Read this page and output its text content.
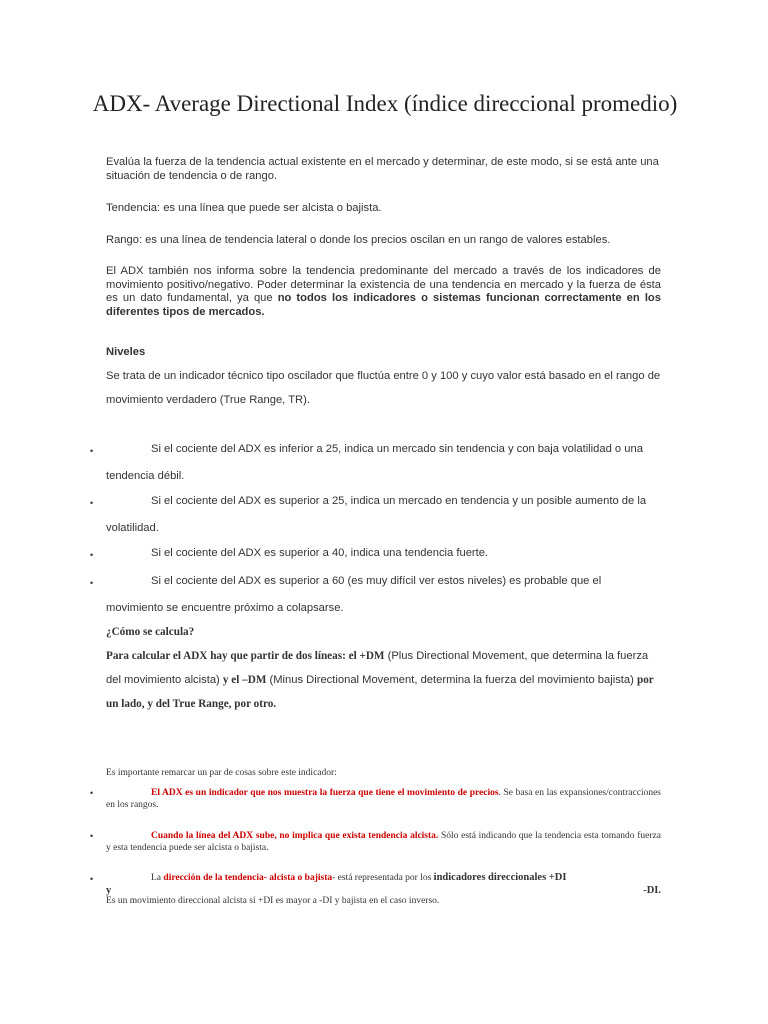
ADX- Average Directional Index (índice direccional promedio)

Evalúa la fuerza de la tendencia actual existente en el mercado y determinar, de este modo, si se está ante una situación de tendencia o de rango.

Tendencia: es una línea que puede ser alcista o bajista.

Rango: es una línea de tendencia lateral o donde los precios oscilan en un rango de valores estables.

El ADX también nos informa sobre la tendencia predominante del mercado a través de los indicadores de movimiento positivo/negativo. Poder determinar la existencia de una tendencia en mercado y la fuerza de ésta es un dato fundamental, ya que no todos los indicadores o sistemas funcionan correctamente en los diferentes tipos de mercados.

Niveles

Se trata de un indicador técnico tipo oscilador que fluctúa entre 0 y 100 y cuyo valor está basado en el rango de movimiento verdadero (True Range, TR).

•	Si el cociente del ADX es inferior a 25, indica un mercado sin tendencia y con baja volatilidad o una
tendencia débil.
•	Si el cociente del ADX es superior a 25, indica un mercado en tendencia y un posible aumento de la
volatilidad.
•	Si el cociente del ADX es superior a 40, indica una tendencia fuerte.
•	Si el cociente del ADX es superior a 60 (es muy difícil ver estos niveles) es probable que el
movimiento se encuentre próximo a colapsarse.
¿Cómo se calcula?
Para calcular el ADX hay que partir de dos líneas: el +DM (Plus Directional Movement, que determina la fuerza del movimiento alcista) y el –DM (Minus Directional Movement, determina la fuerza del movimiento bajista) por un lado, y del True Range, por otro.

Es importante remarcar un par de cosas sobre este indicador:

•	El ADX es un indicador que nos muestra la fuerza que tiene el movimiento de precios. Se basa en las expansiones/contracciones en los rangos.
•	Cuando la línea del ADX sube, no implica que exista tendencia alcista. Sólo está indicando que la tendencia esta tomando fuerza y esta tendencia puede ser alcista o bajista.
•	La dirección de la tendencia- alcista o bajista- está representada por los indicadores direccionales +DI
y	-DI.
Es un movimiento direccional alcista si +DI es mayor a -DI y bajista en el caso inverso.
